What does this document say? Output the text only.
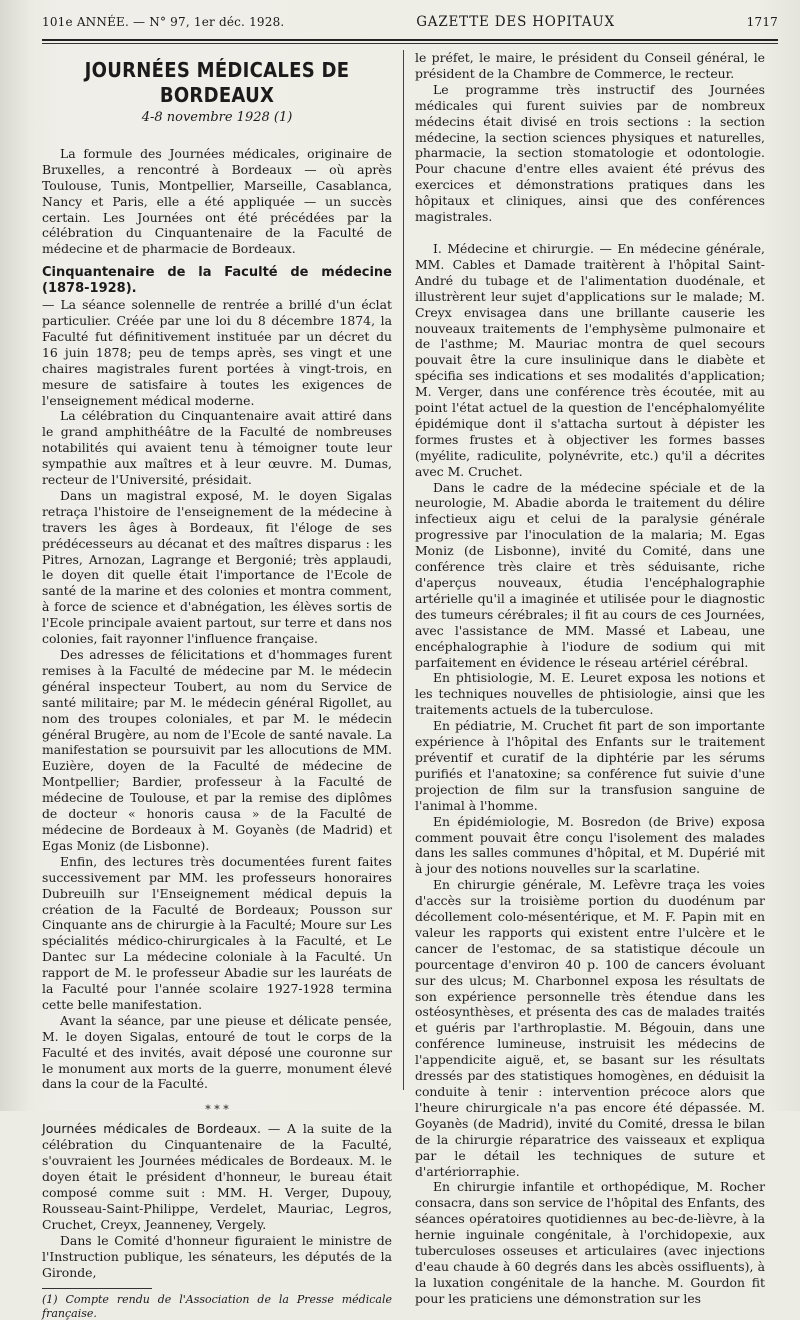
101e ANNÉE. — N° 97, 1er déc. 1928.	GAZETTE DES HOPITAUX	1717
JOURNÉES MÉDICALES DE BORDEAUX
4-8 novembre 1928 (1)

La formule des Journées médicales, originaire de Bruxelles, a rencontré à Bordeaux — où après Toulouse, Tunis, Montpellier, Marseille, Casablanca, Nancy et Paris, elle a été appliquée — un succès certain. Les Journées ont été précédées par la célébration du Cinquantenaire de la Faculté de médecine et de pharmacie de Bordeaux.

Cinquantenaire de la Faculté de médecine (1878-1928).

— La séance solennelle de rentrée a brillé d'un éclat particulier. Créée par une loi du 8 décembre 1874, la Faculté fut définitivement instituée par un décret du 16 juin 1878; peu de temps après, ses vingt et une chaires magistrales furent portées à vingt-trois, en mesure de satisfaire à toutes les exigences de l'enseignement médical moderne.

La célébration du Cinquantenaire avait attiré dans le grand amphithéâtre de la Faculté de nombreuses notabilités qui avaient tenu à témoigner toute leur sympathie aux maîtres et à leur œuvre. M. Dumas, recteur de l'Université, présidait.

Dans un magistral exposé, M. le doyen Sigalas retraça l'histoire de l'enseignement de la médecine à travers les âges à Bordeaux, fit l'éloge de ses prédécesseurs au décanat et des maîtres disparus : les Pitres, Arnozan, Lagrange et Bergonié; très applaudi, le doyen dit quelle était l'importance de l'Ecole de santé de la marine et des colonies et montra comment, à force de science et d'abnégation, les élèves sortis de l'Ecole principale avaient partout, sur terre et dans nos colonies, fait rayonner l'influence française.

Des adresses de félicitations et d'hommages furent remises à la Faculté de médecine par M. le médecin général inspecteur Toubert, au nom du Service de santé militaire; par M. le médecin général Rigollet, au nom des troupes coloniales, et par M. le médecin général Brugère, au nom de l'Ecole de santé navale. La manifestation se poursuivit par les allocutions de MM. Euzière, doyen de la Faculté de médecine de Montpellier; Bardier, professeur à la Faculté de médecine de Toulouse, et par la remise des diplômes de docteur « honoris causa » de la Faculté de médecine de Bordeaux à M. Goyanès (de Madrid) et Egas Moniz (de Lisbonne).

Enfin, des lectures très documentées furent faites successivement par MM. les professeurs honoraires Dubreuilh sur l'Enseignement médical depuis la création de la Faculté de Bordeaux; Pousson sur Cinquante ans de chirurgie à la Faculté; Moure sur Les spécialités médico-chirurgicales à la Faculté, et Le Dantec sur La médecine coloniale à la Faculté. Un rapport de M. le professeur Abadie sur les lauréats de la Faculté pour l'année scolaire 1927-1928 termina cette belle manifestation.

Avant la séance, par une pieuse et délicate pensée, M. le doyen Sigalas, entouré de tout le corps de la Faculté et des invités, avait déposé une couronne sur le monument aux morts de la guerre, monument élevé dans la cour de la Faculté.

* * *

Journées médicales de Bordeaux. — A la suite de la célébration du Cinquantenaire de la Faculté, s'ouvraient les Journées médicales de Bordeaux. M. le doyen était le président d'honneur, le bureau était composé comme suit : MM. H. Verger, Dupouy, Rousseau-Saint-Philippe, Verdelet, Mauriac, Legros, Cruchet, Creyx, Jeanneney, Vergely.

Dans le Comité d'honneur figuraient le ministre de l'Instruction publique, les sénateurs, les députés de la Gironde,

(1) Compte rendu de l'Association de la Presse médicale française.

le préfet, le maire, le président du Conseil général, le président de la Chambre de Commerce, le recteur.

Le programme très instructif des Journées médicales qui furent suivies par de nombreux médecins était divisé en trois sections : la section médecine, la section sciences physiques et naturelles, pharmacie, la section stomatologie et odontologie. Pour chacune d'entre elles avaient été prévus des exercices et démonstrations pratiques dans les hôpitaux et cliniques, ainsi que des conférences magistrales.

I. Médecine et chirurgie. — En médecine générale, MM. Cables et Damade traitèrent à l'hôpital Saint-André du tubage et de l'alimentation duodénale, et illustrèrent leur sujet d'applications sur le malade; M. Creyx envisagea dans une brillante causerie les nouveaux traitements de l'emphysème pulmonaire et de l'asthme; M. Mauriac montra de quel secours pouvait être la cure insulinique dans le diabète et spécifia ses indications et ses modalités d'application; M. Verger, dans une conférence très écoutée, mit au point l'état actuel de la question de l'encéphalomyélite épidémique dont il s'attacha surtout à dépister les formes frustes et à objectiver les formes basses (myélite, radiculite, polynévrite, etc.) qu'il a décrites avec M. Cruchet.

Dans le cadre de la médecine spéciale et de la neurologie, M. Abadie aborda le traitement du délire infectieux aigu et celui de la paralysie générale progressive par l'inoculation de la malaria; M. Egas Moniz (de Lisbonne), invité du Comité, dans une conférence très claire et très séduisante, riche d'aperçus nouveaux, étudia l'encéphalographie artérielle qu'il a imaginée et utilisée pour le diagnostic des tumeurs cérébrales; il fit au cours de ces Journées, avec l'assistance de MM. Massé et Labeau, une encéphalographie à l'iodure de sodium qui mit parfaitement en évidence le réseau artériel cérébral.

En phtisiologie, M. E. Leuret exposa les notions et les techniques nouvelles de phtisiologie, ainsi que les traitements actuels de la tuberculose.

En pédiatrie, M. Cruchet fit part de son importante expérience à l'hôpital des Enfants sur le traitement préventif et curatif de la diphtérie par les sérums purifiés et l'anatoxine; sa conférence fut suivie d'une projection de film sur la transfusion sanguine de l'animal à l'homme.

En épidémiologie, M. Bosredon (de Brive) exposa comment pouvait être conçu l'isolement des malades dans les salles communes d'hôpital, et M. Dupérié mit à jour des notions nouvelles sur la scarlatine.

En chirurgie générale, M. Lefèvre traça les voies d'accès sur la troisième portion du duodénum par décollement colo-mésentérique, et M. F. Papin mit en valeur les rapports qui existent entre l'ulcère et le cancer de l'estomac, de sa statistique découle un pourcentage d'environ 40 p. 100 de cancers évoluant sur des ulcus; M. Charbonnel exposa les résultats de son expérience personnelle très étendue dans les ostéosynthèses, et présenta des cas de malades traités et guéris par l'arthroplastie. M. Bégouin, dans une conférence lumineuse, instruisit les médecins de l'appendicite aiguë, et, se basant sur les résultats dressés par des statistiques homogènes, en déduisit la conduite à tenir : intervention précoce alors que l'heure chirurgicale n'a pas encore été dépassée. M. Goyanès (de Madrid), invité du Comité, dressa le bilan de la chirurgie réparatrice des vaisseaux et expliqua par le détail les techniques de suture et d'artériorraphie.

En chirurgie infantile et orthopédique, M. Rocher consacra, dans son service de l'hôpital des Enfants, des séances opératoires quotidiennes au bec-de-lièvre, à la hernie inguinale congénitale, à l'orchidopexie, aux tuberculoses osseuses et articulaires (avec injections d'eau chaude à 60 degrés dans les abcès ossifluents), à la luxation congénitale de la hanche. M. Gourdon fit pour les praticiens une démonstration sur les
